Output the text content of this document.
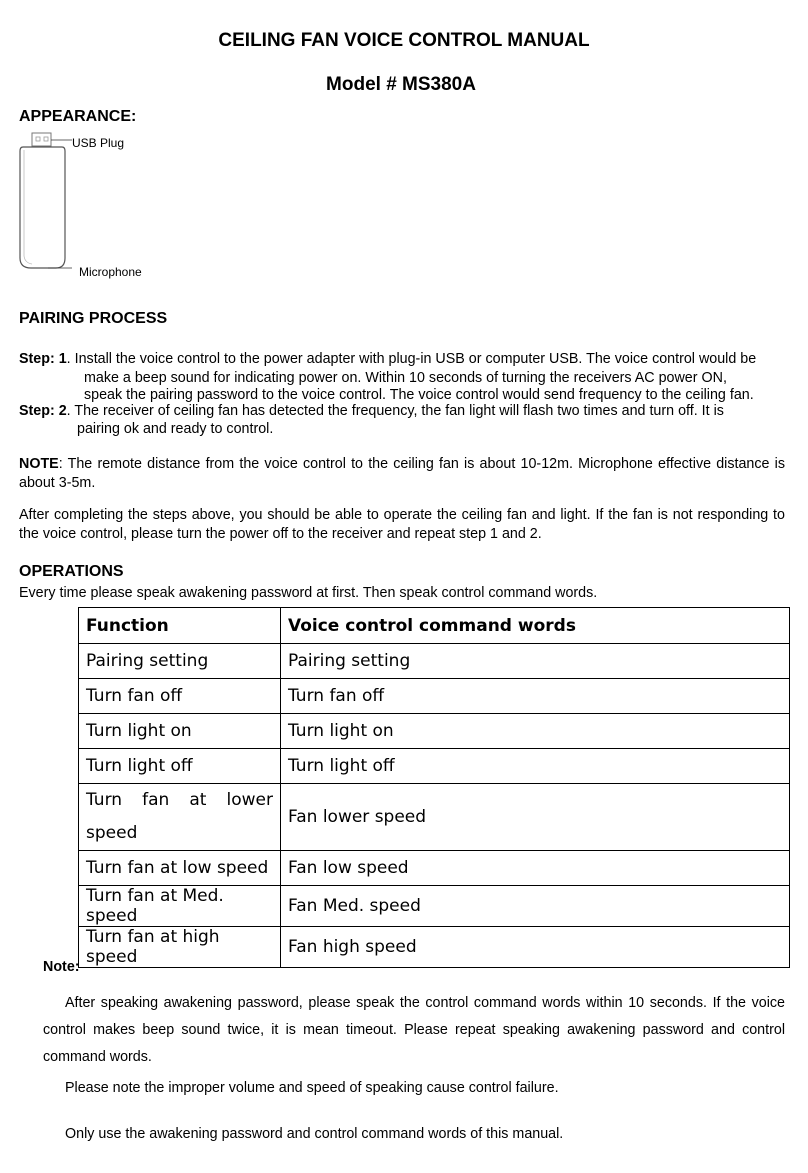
CEILING FAN VOICE CONTROL MANUAL
Model # MS380A
APPEARANCE:
USB Plug
Microphone
PAIRING PROCESS
Step: 1. Install the voice control to the power adapter with plug-in USB or computer USB. The voice control would be
make a beep sound for indicating power on. Within 10 seconds of turning the receivers AC power ON,
speak the pairing password to the voice control. The voice control would send frequency to the ceiling fan.
Step: 2. The receiver of ceiling fan has detected the frequency, the fan light will flash two times and turn off. It is
pairing ok and ready to control.
NOTE: The remote distance from the voice control to the ceiling fan is about 10-12m. Microphone effective distance is about 3-5m.
After completing the steps above, you should be able to operate the ceiling fan and light. If the fan is not responding to the voice control, please turn the power off to the receiver and repeat step 1 and 2.
OPERATIONS
Every time please speak awakening password at first. Then speak control command words.
Function	Voice control command words
Pairing setting	Pairing setting
Turn fan off	Turn fan off
Turn light on	Turn light on
Turn light off	Turn light off
Turn fan at lower speed	Fan lower speed
Turn fan at low speed	Fan low speed
Turn fan at Med. speed	Fan Med. speed
Turn fan at high speed	Fan high speed
Note:
After speaking awakening password, please speak the control command words within 10 seconds. If the voice control makes beep sound twice, it is mean timeout. Please repeat speaking awakening password and control command words.
Please note the improper volume and speed of speaking cause control failure.
Only use the awakening password and control command words of this manual.
